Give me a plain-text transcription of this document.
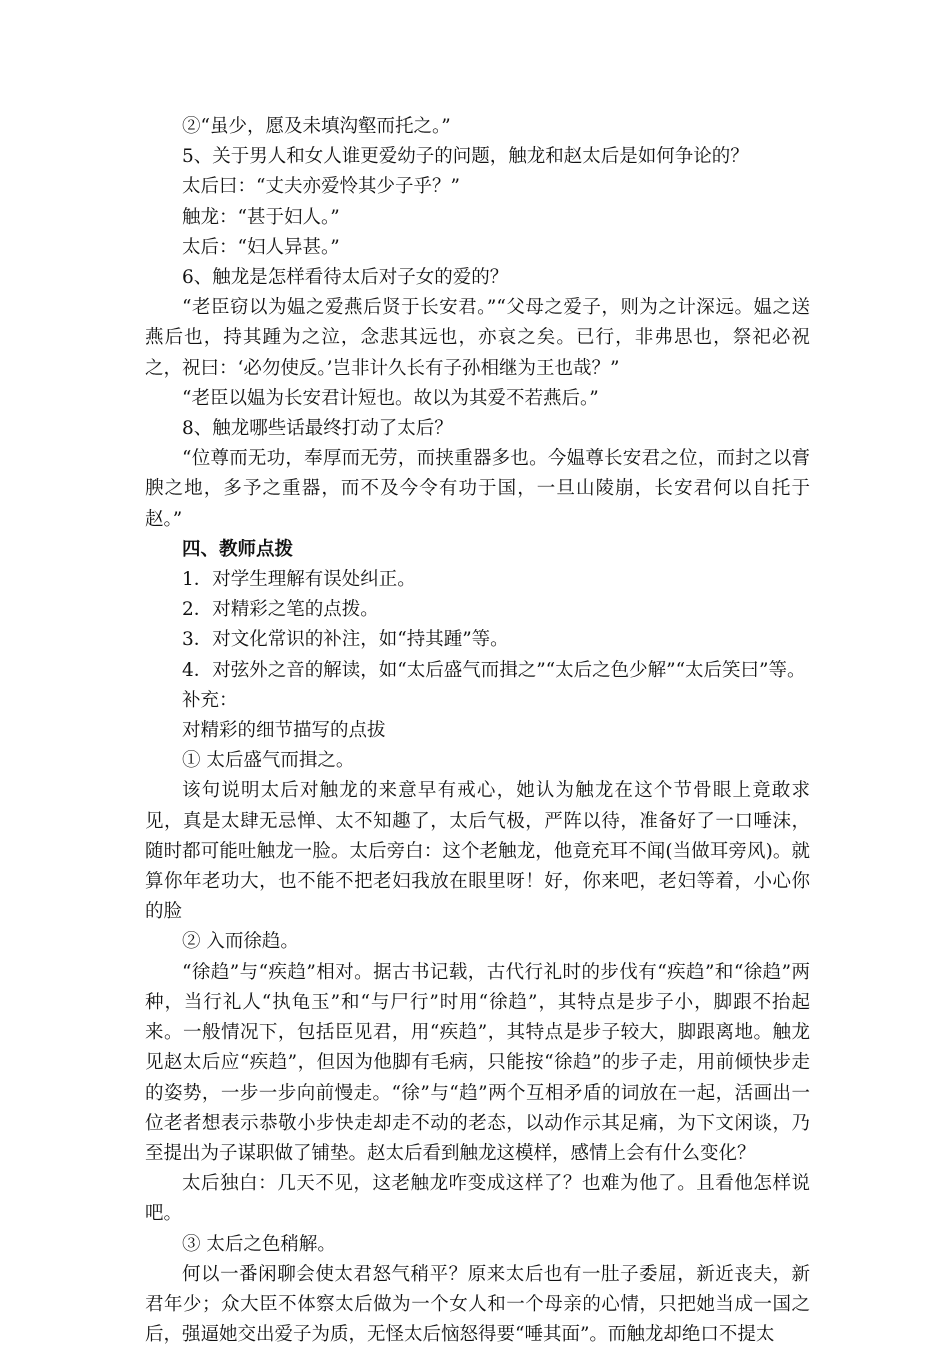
②“虽少，愿及未填沟壑而托之。”

5、关于男人和女人谁更爱幼子的问题，触龙和赵太后是如何争论的？

太后曰：“丈夫亦爱怜其少子乎？”

触龙：“甚于妇人。”

太后：“妇人异甚。”

6、触龙是怎样看待太后对子女的爱的？

“老臣窃以为媪之爱燕后贤于长安君。”“父母之爱子，则为之计深远。媪之送燕后也，持其踵为之泣，念悲其远也，亦哀之矣。已行，非弗思也，祭祀必祝之，祝曰：‘必勿使反。’岂非计久长有子孙相继为王也哉？”

“老臣以媪为长安君计短也。故以为其爱不若燕后。”

8、触龙哪些话最终打动了太后？

“位尊而无功，奉厚而无劳，而挟重器多也。今媪尊长安君之位，而封之以膏腴之地，多予之重器，而不及今令有功于国，一旦山陵崩，长安君何以自托于赵。”

四、教师点拨

1．对学生理解有误处纠正。

2．对精彩之笔的点拨。

3．对文化常识的补注，如“持其踵”等。

4．对弦外之音的解读，如“太后盛气而揖之”“太后之色少解”“太后笑曰”等。

补充：

对精彩的细节描写的点拔

① 太后盛气而揖之。

该句说明太后对触龙的来意早有戒心，她认为触龙在这个节骨眼上竟敢求见，真是太肆无忌惮、太不知趣了，太后气极，严阵以待，准备好了一口唾沫，随时都可能吐触龙一脸。太后旁白：这个老触龙，他竟充耳不闻(当做耳旁风)。就算你年老功大，也不能不把老妇我放在眼里呀！好，你来吧，老妇等着，小心你的脸

② 入而徐趋。

“徐趋”与“疾趋”相对。据古书记载，古代行礼时的步伐有“疾趋”和“徐趋”两种，当行礼人“执龟玉”和“与尸行”时用“徐趋”，其特点是步子小，脚跟不抬起来。一般情况下，包括臣见君，用“疾趋”，其特点是步子较大，脚跟离地。触龙见赵太后应“疾趋”，但因为他脚有毛病，只能按“徐趋”的步子走，用前倾快步走的姿势，一步一步向前慢走。“徐”与“趋”两个互相矛盾的词放在一起，活画出一位老者想表示恭敬小步快走却走不动的老态，以动作示其足痛，为下文闲谈，乃至提出为子谋职做了铺垫。赵太后看到触龙这模样，感情上会有什么变化？

太后独白：几天不见，这老触龙咋变成这样了？也难为他了。且看他怎样说吧。

③ 太后之色稍解。

何以一番闲聊会使太君怒气稍平？原来太后也有一肚子委屈，新近丧夫，新君年少；众大臣不体察太后做为一个女人和一个母亲的心情，只把她当成一国之后，强逼她交出爱子为质，无怪太后恼怒得要“唾其面”。而触龙却绝口不提太
